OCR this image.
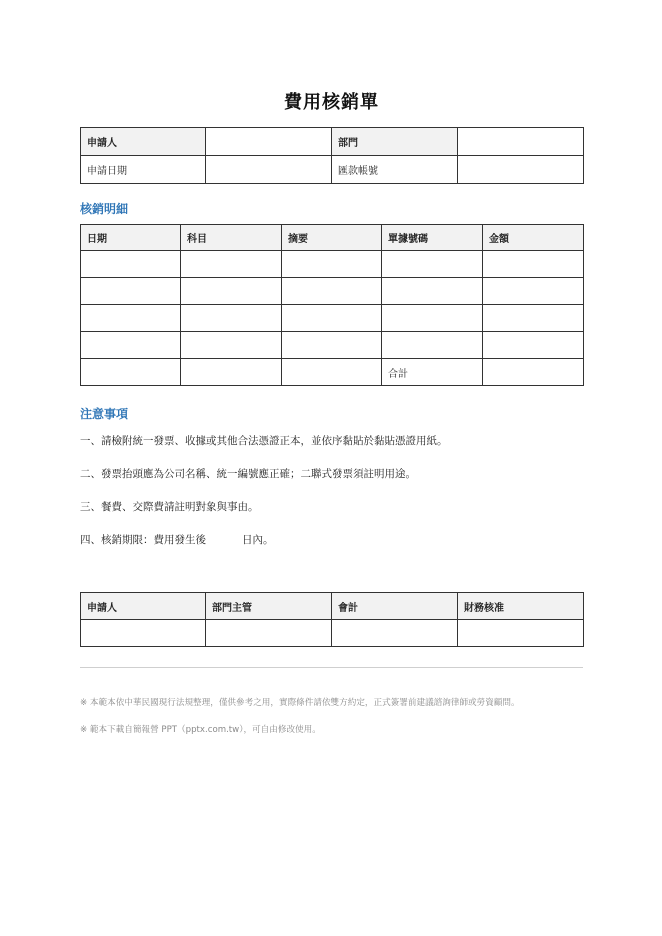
費用核銷單
申請人		部門	
申請日期		匯款帳號	
核銷明細
日期	科目	摘要	單據號碼	金額

			合計	
注意事項
一、請檢附統一發票、收據或其他合法憑證正本，並依序黏貼於黏貼憑證用紙。
二、發票抬頭應為公司名稱、統一編號應正確；二聯式發票須註明用途。
三、餐費、交際費請註明對象與事由。
四、核銷期限：費用發生後	日內。
申請人	部門主管	會計	財務核准

※ 本範本依中華民國現行法規整理，僅供參考之用，實際條件請依雙方約定，正式簽署前建議諮詢律師或勞資顧問。
※ 範本下載自簡報營 PPT（pptx.com.tw），可自由修改使用。
